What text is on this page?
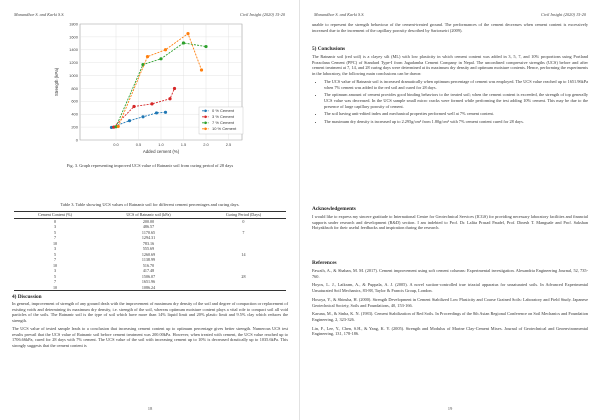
Manandhar S. and Karki S.S.	Civil Insight (2020) 15-20
0
200
400
600
800
1000
1200
1400
1600
1800
0.0	0.5	1.0	1.5	2.0	2.5
Added cement (%)
Strength (kPa)
0 % Cement
3 % Cement
7 % Cement
10 % Cement
Fig. 3. Graph representing improved UCS value of Ratnanir soil from curing period of 28 days
Table 3. Table showing UCS values of Ratnanir soil for different cement percentages and curing days.
Cement Content (%)	UCS of Ratnanir soil (kPa)	Curing Period (Days)
0	200.00	0
3	486.57	
5	1170.65	7
7	1294.31	
10	783.16	
3	555.69	
5	1260.69	14
7	1138.99	
10	516.70	
3	417.48	
5	1506.07	28
7	1651.96	
10	1086.24	
4) Discussion

In general, improvement of strength of any ground deals with the improvement of maximum dry density of the soil and degree of compaction or replacement of existing voids and determining its maximum dry density, i.e. strength of the soil, whereas optimum moisture content plays a vital role to compact soil all void particles of the soils. The Ratnanir soil is the type of soil which have more than 14% liquid limit and 20% plastic limit and 9.5% clay which reduces the strength.

The UCS value of tested sample leads to a conclusion that increasing cement content up to optimum percentage gives better strength. Numerous UCS test results prevail that the UCS value of Ratnanir soil before cement treatment was 200.00kPa. However, when treated with cement, the UCS value reached up to 1706.66kPa, cured for 28 days with 7% cement. The UCS value of the soil with increasing cement up to 10% is decreased drastically up to 1035.6kPa. This strongly suggests that the cement content is

18
Manandhar S. and Karki S.S.	Civil Insight (2020) 15-20
unable to represent the strength behaviour of the cement-treated ground. The performances of the cement decreases when cement content is excessively increased due to the increment of the capillary porosity described by Sariosseiri (2009).
5) Conclusions

The Ratnanir soil (red soil) is a clayey silt (ML) with low plasticity in which cement content was added in 3, 5, 7, and 10% proportions using Portland Pozzolana Cement (PPC) of Standard Type-I from Jagadamba Cement Company in Nepal. The unconfined compressive strengths (UCS) before and after cement treatment at 7, 14, and 28 curing days were determined at its maximum dry density and optimum moisture contents. Hence, performing the experiments in the laboratory, the following main conclusions can be drawn:

• The UCS value of Ratnanir soil is increased dramatically when optimum percentage of cement was employed. The UCS value reached up to 1651.96kPa when 7% cement was added to the red soil and cured for 28 days.
• The optimum amount of cement provides good binding behaviors to the treated soil; when the cement content is exceeded, the strength of top generally UCS value was decreased. In the UCS sample small micro cracks were formed while performing the test adding 10% cement. This may be due to the presence of large capillary porosity of cement.
• The soil having unit-edited index and mechanical properties performed well at 7% cement content.
• The maximum dry density is increased up to 2.295g/cm³ from 1.80g/cm³ with 7% cement content cured for 28 days.
Acknowledgements
I would like to express my sincere gratitude to International Centre for Geotechnical Services (ICGS) for providing necessary laboratory facilities and financial supports under research and development (R&D) section. I am indebted to Prof. Dr. Lalita Prasad Paudel, Prof. Dinesh T. Manguale and Prof. Sakshan Hotyakhsoh for their useful feedbacks and inspiration during the research.
References

Fawzih, A., & Shaban, M. M. (2017). Cement improvement using soft cement columns: Experimental investigation. Alexandria Engineering Journal, 52, 735-760.

Hoyos, L. J., Laikram, A., & Puppala, A. J. (2005). A novel suction-controlled true triaxial apparatus for unsaturated soils. In Advanced Experimental Unsaturated Soil Mechanics, 83-88, Taylor & Francis Group, London.

Hosoya, Y., & Shinsha, H. (2000). Strength Development in Cement Stabilized Low Plasticity and Coarse Grained Soils: Laboratory and Field Study. Japanese Geotechnical Society, Soils and Foundations, 40, 153-166.

Karuna, M., & Sinha, K. N. (1983). Cement Stabilization of Red Soils. In Proceedings of the 8th Asian Regional Conference on Soil Mechanics and Foundation Engineering, 2, 323-326.

Lin, F., Lee, Y., Chen, S.H., & Yang, K. Y. (2005). Strength and Modulus of Marine Clay-Cement Mixes. Journal of Geotechnical and Geoenvironmental Engineering, 131, 178-186.

19
